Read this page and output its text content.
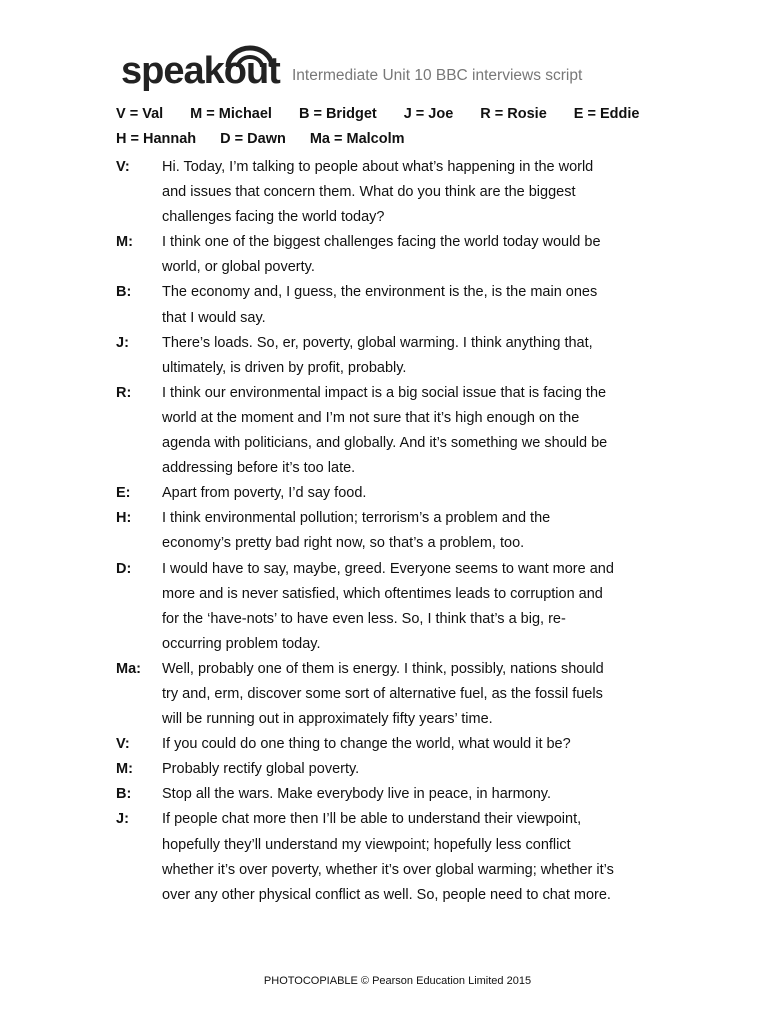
speakout Intermediate Unit 10 BBC interviews script
V = Val M = Michael B = Bridget J = Joe R = Rosie E = Eddie
H = Hannah D = Dawn Ma = Malcolm
V: Hi. Today, I’m talking to people about what’s happening in the world
and issues that concern them. What do you think are the biggest
challenges facing the world today?
M: I think one of the biggest challenges facing the world today would be
world, or global poverty.
B: The economy and, I guess, the environment is the, is the main ones
that I would say.
J: There’s loads. So, er, poverty, global warming. I think anything that,
ultimately, is driven by profit, probably.
R: I think our environmental impact is a big social issue that is facing the
world at the moment and I’m not sure that it’s high enough on the
agenda with politicians, and globally. And it’s something we should be
addressing before it’s too late.
E: Apart from poverty, I’d say food.
H: I think environmental pollution; terrorism’s a problem and the
economy’s pretty bad right now, so that’s a problem, too.
D: I would have to say, maybe, greed. Everyone seems to want more and
more and is never satisfied, which oftentimes leads to corruption and
for the ‘have-nots’ to have even less. So, I think that’s a big, re-
occurring problem today.
Ma: Well, probably one of them is energy. I think, possibly, nations should
try and, erm, discover some sort of alternative fuel, as the fossil fuels
will be running out in approximately fifty years’ time.
V: If you could do one thing to change the world, what would it be?
M: Probably rectify global poverty.
B: Stop all the wars. Make everybody live in peace, in harmony.
J: If people chat more then I’ll be able to understand their viewpoint,
hopefully they’ll understand my viewpoint; hopefully less conflict
whether it’s over poverty, whether it’s over global warming; whether it’s
over any other physical conflict as well. So, people need to chat more.
PHOTOCOPIABLE © Pearson Education Limited 2015
